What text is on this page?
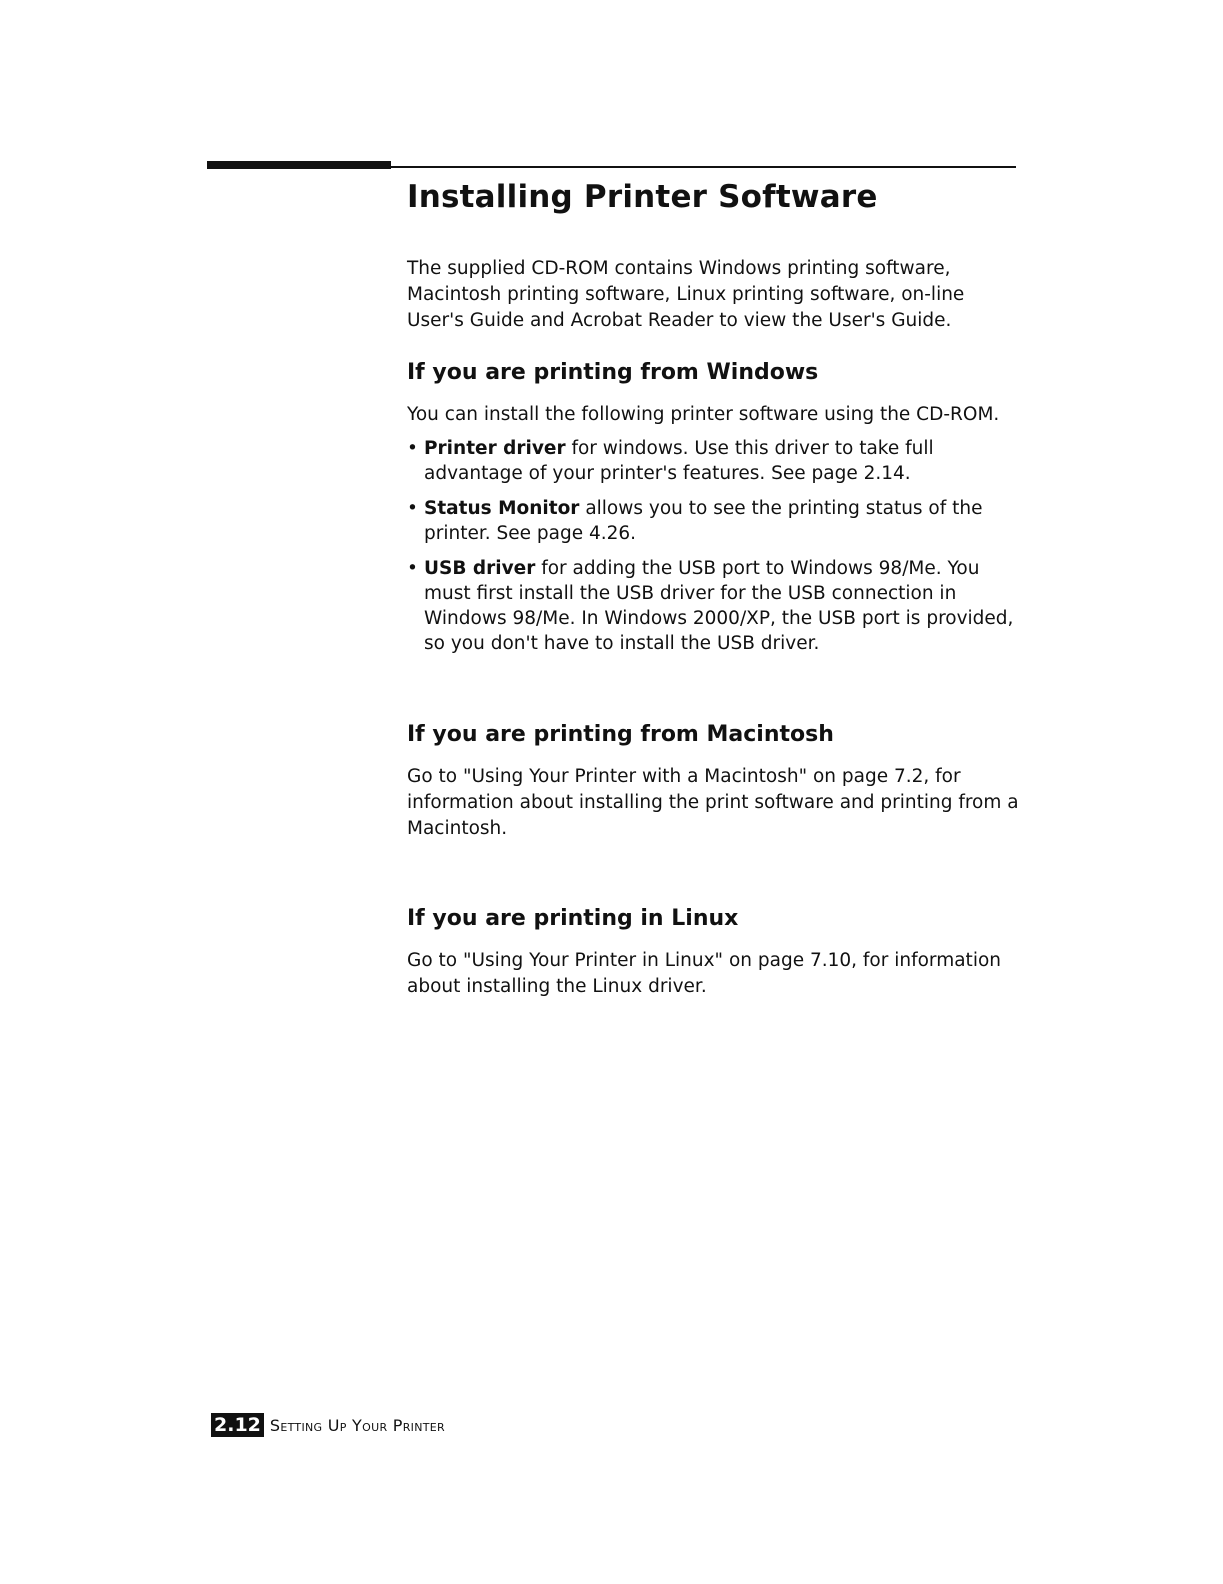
Installing Printer Software

The supplied CD-ROM contains Windows printing software, Macintosh printing software, Linux printing software, on-line User's Guide and Acrobat Reader to view the User's Guide.

If you are printing from Windows

You can install the following printer software using the CD-ROM.

• Printer driver for windows. Use this driver to take full advantage of your printer's features. See page 2.14.
• Status Monitor allows you to see the printing status of the printer. See page 4.26.
• USB driver for adding the USB port to Windows 98/Me. You must first install the USB driver for the USB connection in Windows 98/Me. In Windows 2000/XP, the USB port is provided, so you don't have to install the USB driver.
If you are printing from Macintosh

Go to "Using Your Printer with a Macintosh" on page 7.2, for information about installing the print software and printing from a Macintosh.

If you are printing in Linux

Go to "Using Your Printer in Linux" on page 7.10, for information about installing the Linux driver.

2.12 Setting Up Your Printer
